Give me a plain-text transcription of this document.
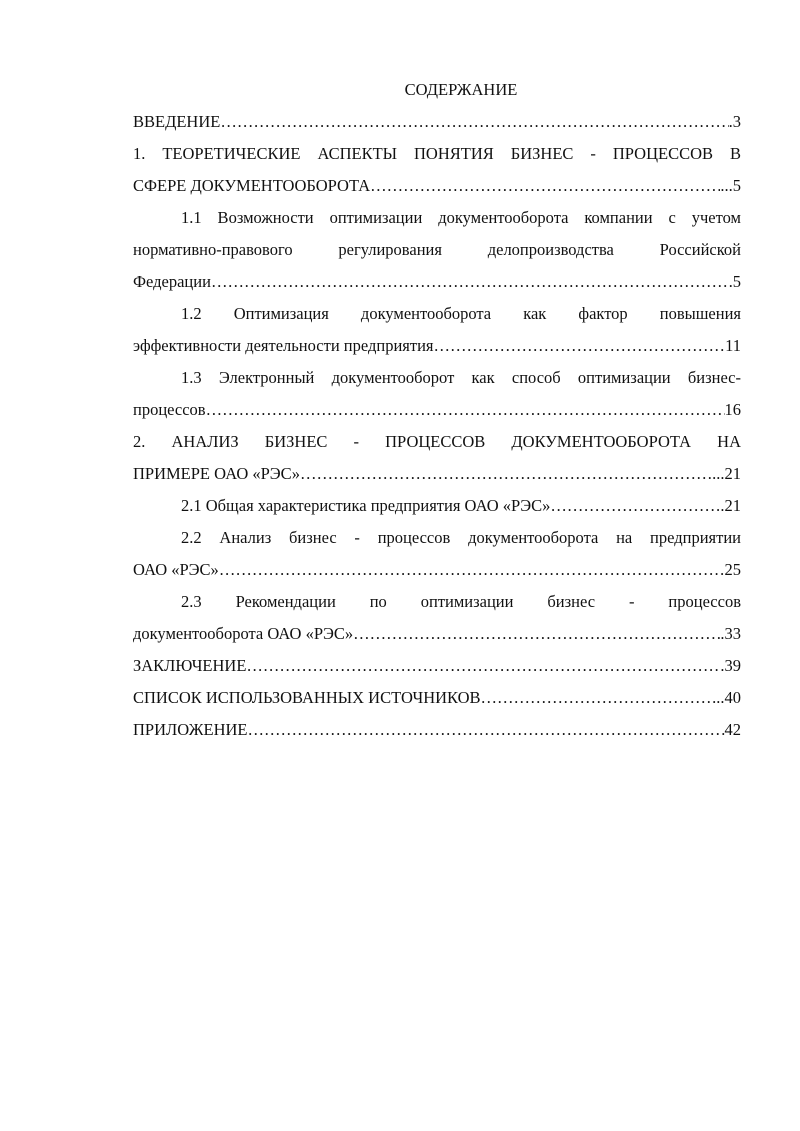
СОДЕРЖАНИЕ
ВВЕДЕНИЕ ………………………………………………………………………………………………………………………………………………………………………………………………………………	.3
1. ТЕОРЕТИЧЕСКИЕ АСПЕКТЫ ПОНЯТИЯ БИЗНЕС - ПРОЦЕССОВ В
СФЕРЕ ДОКУМЕНТООБОРОТА ………………………………………………………………………………………………………………………………………………………………………………………………………………	...5
1.1 Возможности оптимизации документооборота компании с учетом
нормативно-правового регулирования делопроизводства Российской
Федерации ………………………………………………………………………………………………………………………………………………………………………………………………………………	5
1.2 Оптимизация документооборота как фактор повышения
эффективности деятельности предприятия ………………………………………………………………………………………………………………………………………………………………………………………………………………	11
1.3 Электронный документооборот как способ оптимизации бизнес-
процессов ………………………………………………………………………………………………………………………………………………………………………………………………………………	16
2. АНАЛИЗ БИЗНЕС - ПРОЦЕССОВ ДОКУМЕНТООБОРОТА НА
ПРИМЕРЕ ОАО «РЭС» ………………………………………………………………………………………………………………………………………………………………………………………………………………	...21
2.1 Общая характеристика предприятия ОАО «РЭС» ………………………………………………………………………………………………………………………………………………………………………………………………………………	.21
2.2 Анализ бизнес - процессов документооборота на предприятии
ОАО «РЭС» ………………………………………………………………………………………………………………………………………………………………………………………………………………	25
2.3 Рекомендации по оптимизации бизнес - процессов
документооборота ОАО «РЭС» ………………………………………………………………………………………………………………………………………………………………………………………………………………	.33
ЗАКЛЮЧЕНИЕ ………………………………………………………………………………………………………………………………………………………………………………………………………………	.39
СПИСОК ИСПОЛЬЗОВАННЫХ ИСТОЧНИКОВ ………………………………………………………………………………………………………………………………………………………………………………………………………………	...40
ПРИЛОЖЕНИЕ ………………………………………………………………………………………………………………………………………………………………………………………………………………	42
